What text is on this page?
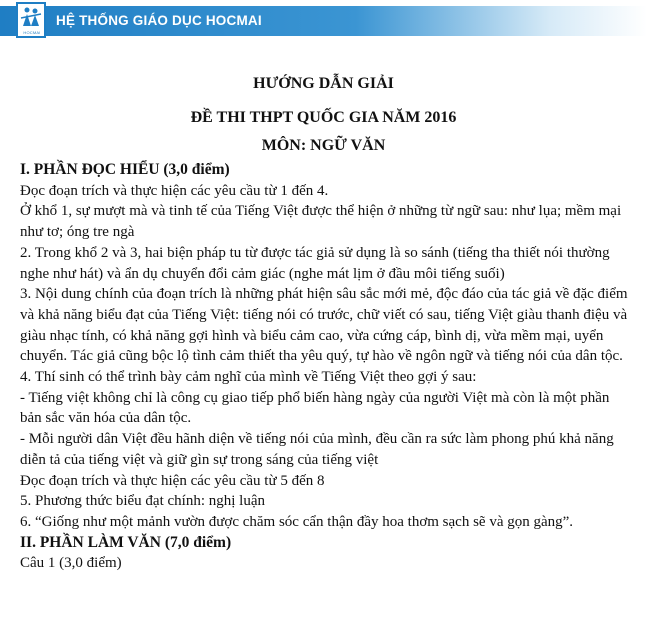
HOCMAI
HỆ THỐNG GIÁO DỤC HOCMAI
HƯỚNG DẪN GIẢI
ĐỀ THI THPT QUỐC GIA NĂM 2016
MÔN: NGỮ VĂN

I. PHẦN ĐỌC HIỂU (3,0 điểm)

Đọc đoạn trích và thực hiện các yêu cầu từ 1 đến 4.

Ở khổ 1, sự mượt mà và tinh tế của Tiếng Việt được thể hiện ở những từ ngữ sau: như lụa; mềm mại như tơ; óng tre ngà

2. Trong khổ 2 và 3, hai biện pháp tu từ được tác giả sử dụng là so sánh (tiếng tha thiết nói thường nghe như hát) và ẩn dụ chuyển đổi cảm giác (nghe mát lịm ở đầu môi tiếng suối)

3. Nội dung chính của đoạn trích là những phát hiện sâu sắc mới mẻ, độc đáo của tác giả về đặc điểm và khả năng biểu đạt của Tiếng Việt: tiếng nói có trước, chữ viết có sau, tiếng Việt giàu thanh điệu và giàu nhạc tính, có khả năng gợi hình và biểu cảm cao, vừa cứng cáp, bình dị, vừa mềm mại, uyển chuyển. Tác giả cũng bộc lộ tình cảm thiết tha yêu quý, tự hào về ngôn ngữ và tiếng nói của dân tộc.

4. Thí sinh có thể trình bày cảm nghĩ của mình về Tiếng Việt theo gợi ý sau:

- Tiếng việt không chỉ là công cụ giao tiếp phổ biến hàng ngày của người Việt mà còn là một phần bản sắc văn hóa của dân tộc.

- Mỗi người dân Việt đều hãnh diện về tiếng nói của mình, đều cần ra sức làm phong phú khả năng diễn tả của tiếng việt và giữ gìn sự trong sáng của tiếng việt

Đọc đoạn trích và thực hiện các yêu cầu từ 5 đến 8

5. Phương thức biểu đạt chính: nghị luận

6. “Giống như một mảnh vườn được chăm sóc cẩn thận đầy hoa thơm sạch sẽ và gọn gàng”.

II. PHẦN LÀM VĂN (7,0 điểm)

Câu 1 (3,0 điểm)
